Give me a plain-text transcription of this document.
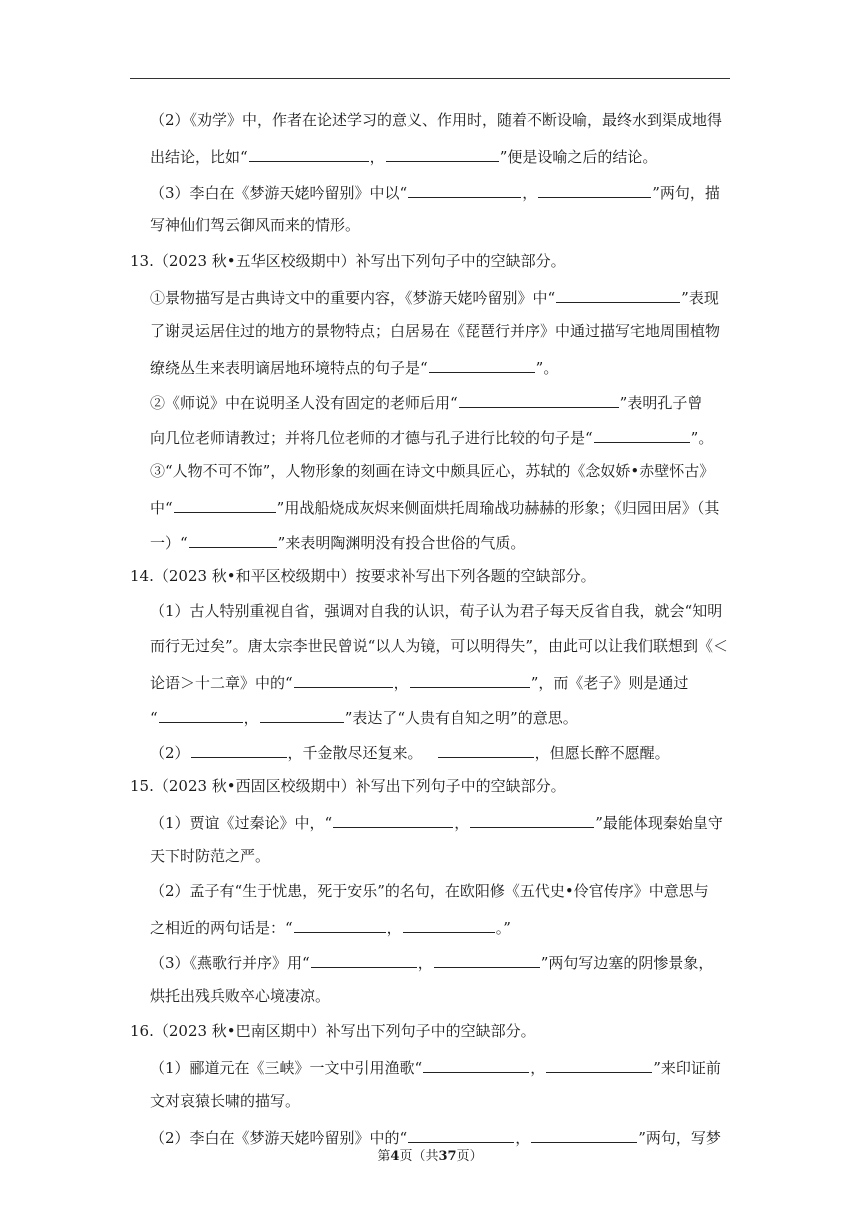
（2）《劝学》中，作者在论述学习的意义、作用时，随着不断设喻，最终水到渠成地得
出结论，比如“	，	”便是设喻之后的结论。
（3）李白在《梦游天姥吟留别》中以“	，	”两句，描
写神仙们驾云御风而来的情形。
13.（2023 秋•五华区校级期中）补写出下列句子中的空缺部分。
①景物描写是古典诗文中的重要内容，《梦游天姥吟留别》中“	”表现
了谢灵运居住过的地方的景物特点；白居易在《琵琶行并序》中通过描写宅地周围植物
缭绕丛生来表明谪居地环境特点的句子是“	”。
②《师说》中在说明圣人没有固定的老师后用“	”表明孔子曾
向几位老师请教过；并将几位老师的才德与孔子进行比较的句子是“	”。
③“人物不可不饰”，人物形象的刻画在诗文中颇具匠心，苏轼的《念奴娇•赤壁怀古》
中“	”用战船烧成灰烬来侧面烘托周瑜战功赫赫的形象；《归园田居》（其
一）“	”来表明陶渊明没有投合世俗的气质。
14.（2023 秋•和平区校级期中）按要求补写出下列各题的空缺部分。
（1）古人特别重视自省，强调对自我的认识，荀子认为君子每天反省自我，就会“知明
而行无过矣”。唐太宗李世民曾说“以人为镜，可以明得失”，由此可以让我们联想到《＜
论语＞十二章》中的“	，	”，而《老子》则是通过
“	，	”表达了“人贵有自知之明”的意思。
（2）	，千金散尽还复来。	，但愿长醉不愿醒。
15.（2023 秋•西固区校级期中）补写出下列句子中的空缺部分。
（1）贾谊《过秦论》中，“	，	”最能体现秦始皇守
天下时防范之严。
（2）孟子有“生于忧患，死于安乐”的名句，在欧阳修《五代史•伶官传序》中意思与
之相近的两句话是：“	，	。”
（3）《燕歌行并序》用“	，	”两句写边塞的阴惨景象，
烘托出残兵败卒心境凄凉。
16.（2023 秋•巴南区期中）补写出下列句子中的空缺部分。
（1）郦道元在《三峡》一文中引用渔歌“	，	”来印证前
文对哀猿长啸的描写。
（2）李白在《梦游天姥吟留别》中的“	，	”两句，写梦
第4页（共37页）
